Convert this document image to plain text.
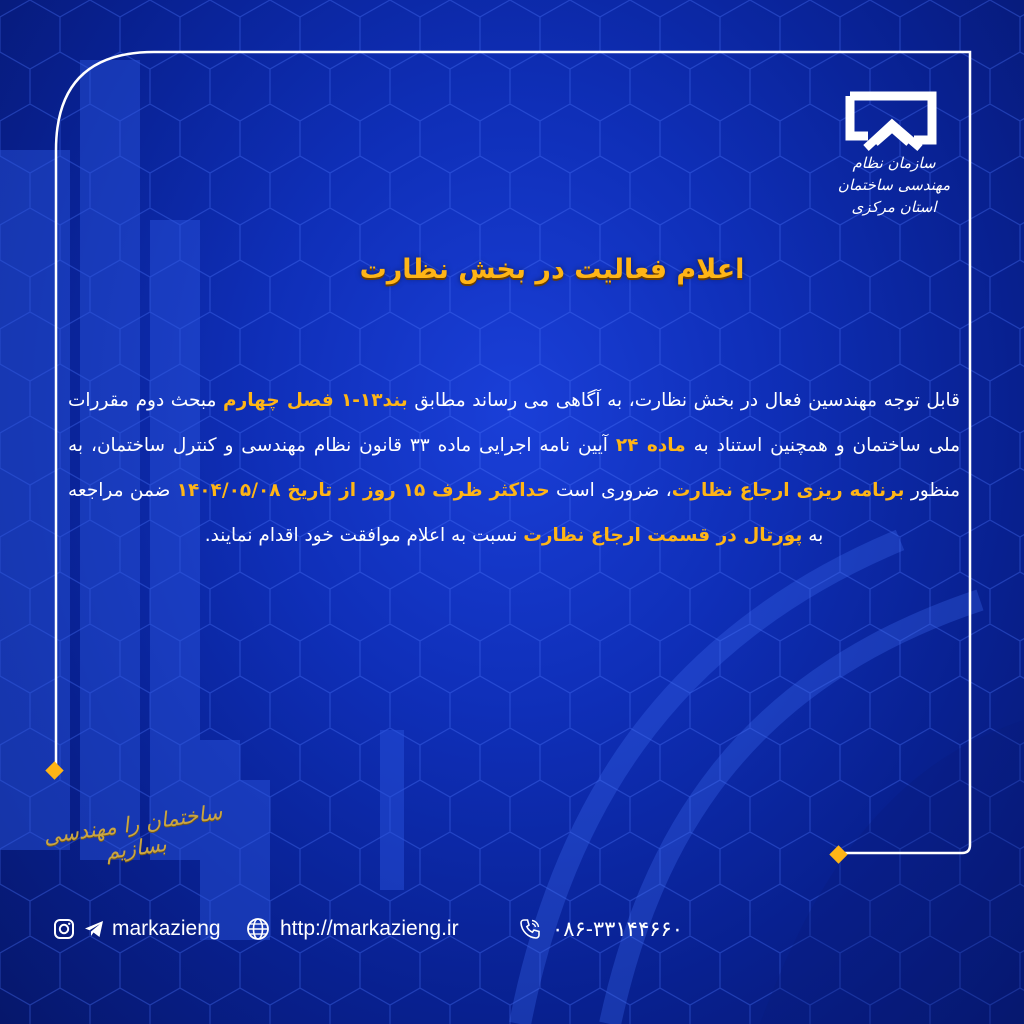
سازمان نظام مهندسی ساختمان
استان مرکزی
اعلام فعالیت در بخش نظارت
قابل توجه مهندسین فعال در بخش نظارت، به آگاهی می رساند مطابق بند۱۳-۱ فصل چهارم مبحث دوم مقررات ملی ساختمان و همچنین استناد به ماده ۲۴ آیین نامه اجرایی ماده ۳۳ قانون نظام مهندسی و کنترل ساختمان، به منظور برنامه ریزی ارجاع نظارت، ضروری است حداکثر ظرف ۱۵ روز از تاریخ ۱۴۰۴/۰۵/۰۸ ضمن مراجعه به پورتال در قسمت ارجاع نظارت نسبت به اعلام موافقت خود اقدام نمایند.
ساختمان را مهندسی بسازیم
markazieng	http://markazieng.ir	۰۸۶-۳۳۱۴۴۶۶۰
